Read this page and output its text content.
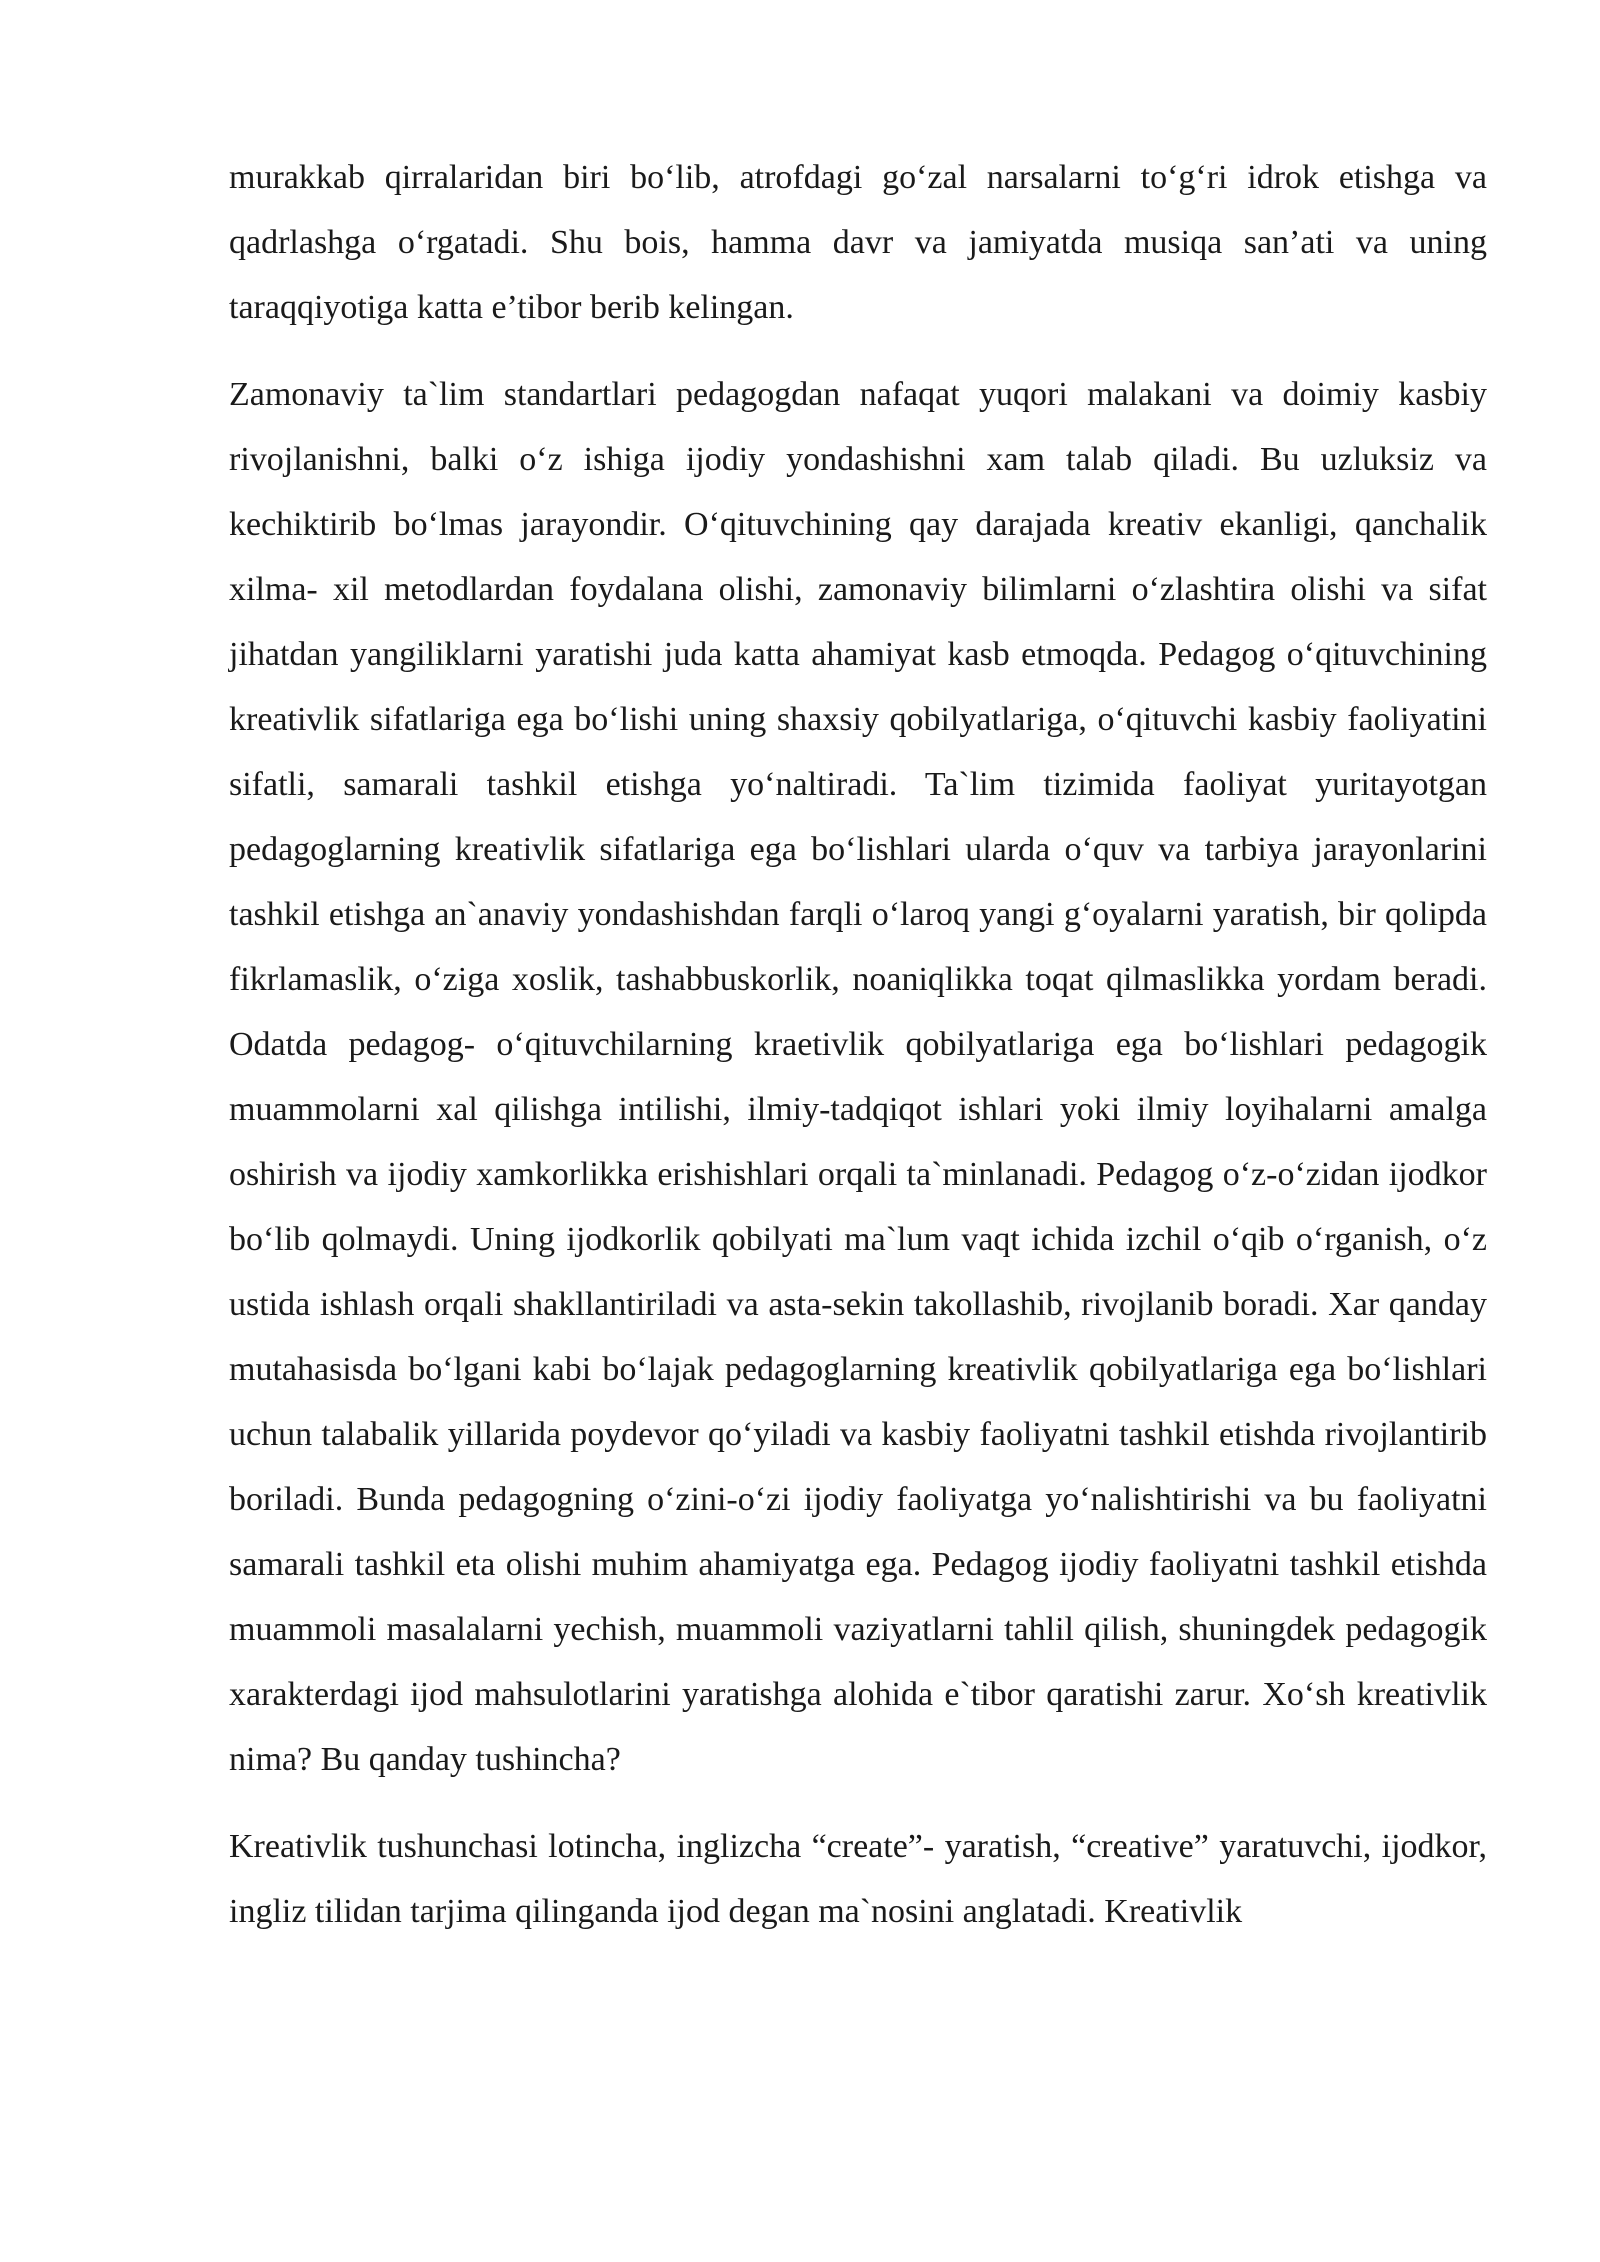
murakkab qirralaridan biri bo‘lib, atrofdagi go‘zal narsalarni to‘g‘ri idrok etishga va qadrlashga o‘rgatadi. Shu bois, hamma davr va jamiyatda musiqa san’ati va uning taraqqiyotiga katta e’tibor berib kelingan.

Zamonaviy ta`lim standartlari pedagogdan nafaqat yuqori malakani va doimiy kasbiy rivojlanishni, balki o‘z ishiga ijodiy yondashishni xam talab qiladi. Bu uzluksiz va kechiktirib bo‘lmas jarayondir. O‘qituvchining qay darajada kreativ ekanligi, qanchalik xilma- xil metodlardan foydalana olishi, zamonaviy bilimlarni o‘zlashtira olishi va sifat jihatdan yangiliklarni yaratishi juda katta ahamiyat kasb etmoqda. Pedagog o‘qituvchining kreativlik sifatlariga ega bo‘lishi uning shaxsiy qobilyatlariga, o‘qituvchi kasbiy faoliyatini sifatli, samarali tashkil etishga yo‘naltiradi. Ta`lim tizimida faoliyat yuritayotgan pedagoglarning kreativlik sifatlariga ega bo‘lishlari ularda o‘quv va tarbiya jarayonlarini tashkil etishga an`anaviy yondashishdan farqli o‘laroq yangi g‘oyalarni yaratish, bir qolipda fikrlamaslik, o‘ziga xoslik, tashabbuskorlik, noaniqlikka toqat qilmaslikka yordam beradi. Odatda pedagog- o‘qituvchilarning kraetivlik qobilyatlariga ega bo‘lishlari pedagogik muammolarni xal qilishga intilishi, ilmiy-tadqiqot ishlari yoki ilmiy loyihalarni amalga oshirish va ijodiy xamkorlikka erishishlari orqali ta`minlanadi. Pedagog o‘z-o‘zidan ijodkor bo‘lib qolmaydi. Uning ijodkorlik qobilyati ma`lum vaqt ichida izchil o‘qib o‘rganish, o‘z ustida ishlash orqali shakllantiriladi va asta-sekin takollashib, rivojlanib boradi. Xar qanday mutahasisda bo‘lgani kabi bo‘lajak pedagoglarning kreativlik qobilyatlariga ega bo‘lishlari uchun talabalik yillarida poydevor qo‘yiladi va kasbiy faoliyatni tashkil etishda rivojlantirib boriladi. Bunda pedagogning o‘zini-o‘zi ijodiy faoliyatga yo‘nalishtirishi va bu faoliyatni samarali tashkil eta olishi muhim ahamiyatga ega. Pedagog ijodiy faoliyatni tashkil etishda muammoli masalalarni yechish, muammoli vaziyatlarni tahlil qilish, shuningdek pedagogik xarakterdagi ijod mahsulotlarini yaratishga alohida e`tibor qaratishi zarur. Xo‘sh kreativlik nima? Bu qanday tushincha?

Kreativlik tushunchasi lotincha, inglizcha “create”- yaratish, “creative” yaratuvchi, ijodkor, ingliz tilidan tarjima qilinganda ijod degan ma`nosini anglatadi. Kreativlik
